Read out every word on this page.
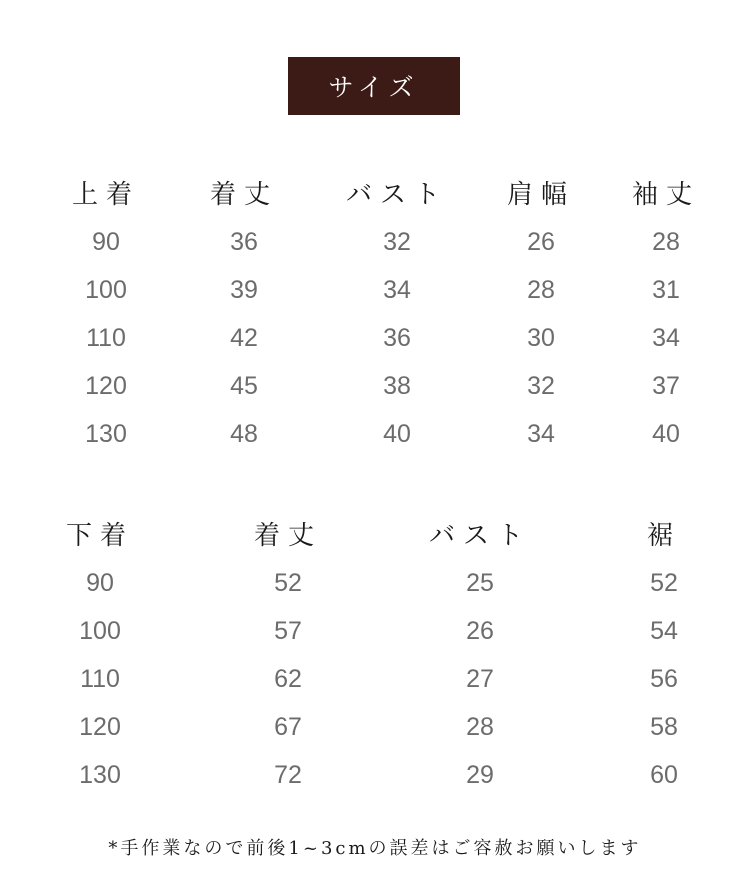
サイズ
上着	着丈	バスト 肩幅 袖丈
90	36	32	26	28
100	39	34	28	31
110	42	36	30	34
120	45	38	32	37
130	48	40	34	40
下着	着丈	バスト	裾
90	52	25	52
100	57	26	54
110	62	27	56
120	67	28	58
130	72	29	60
*手作業なので前後1~3cmの誤差はご容赦お願いします
